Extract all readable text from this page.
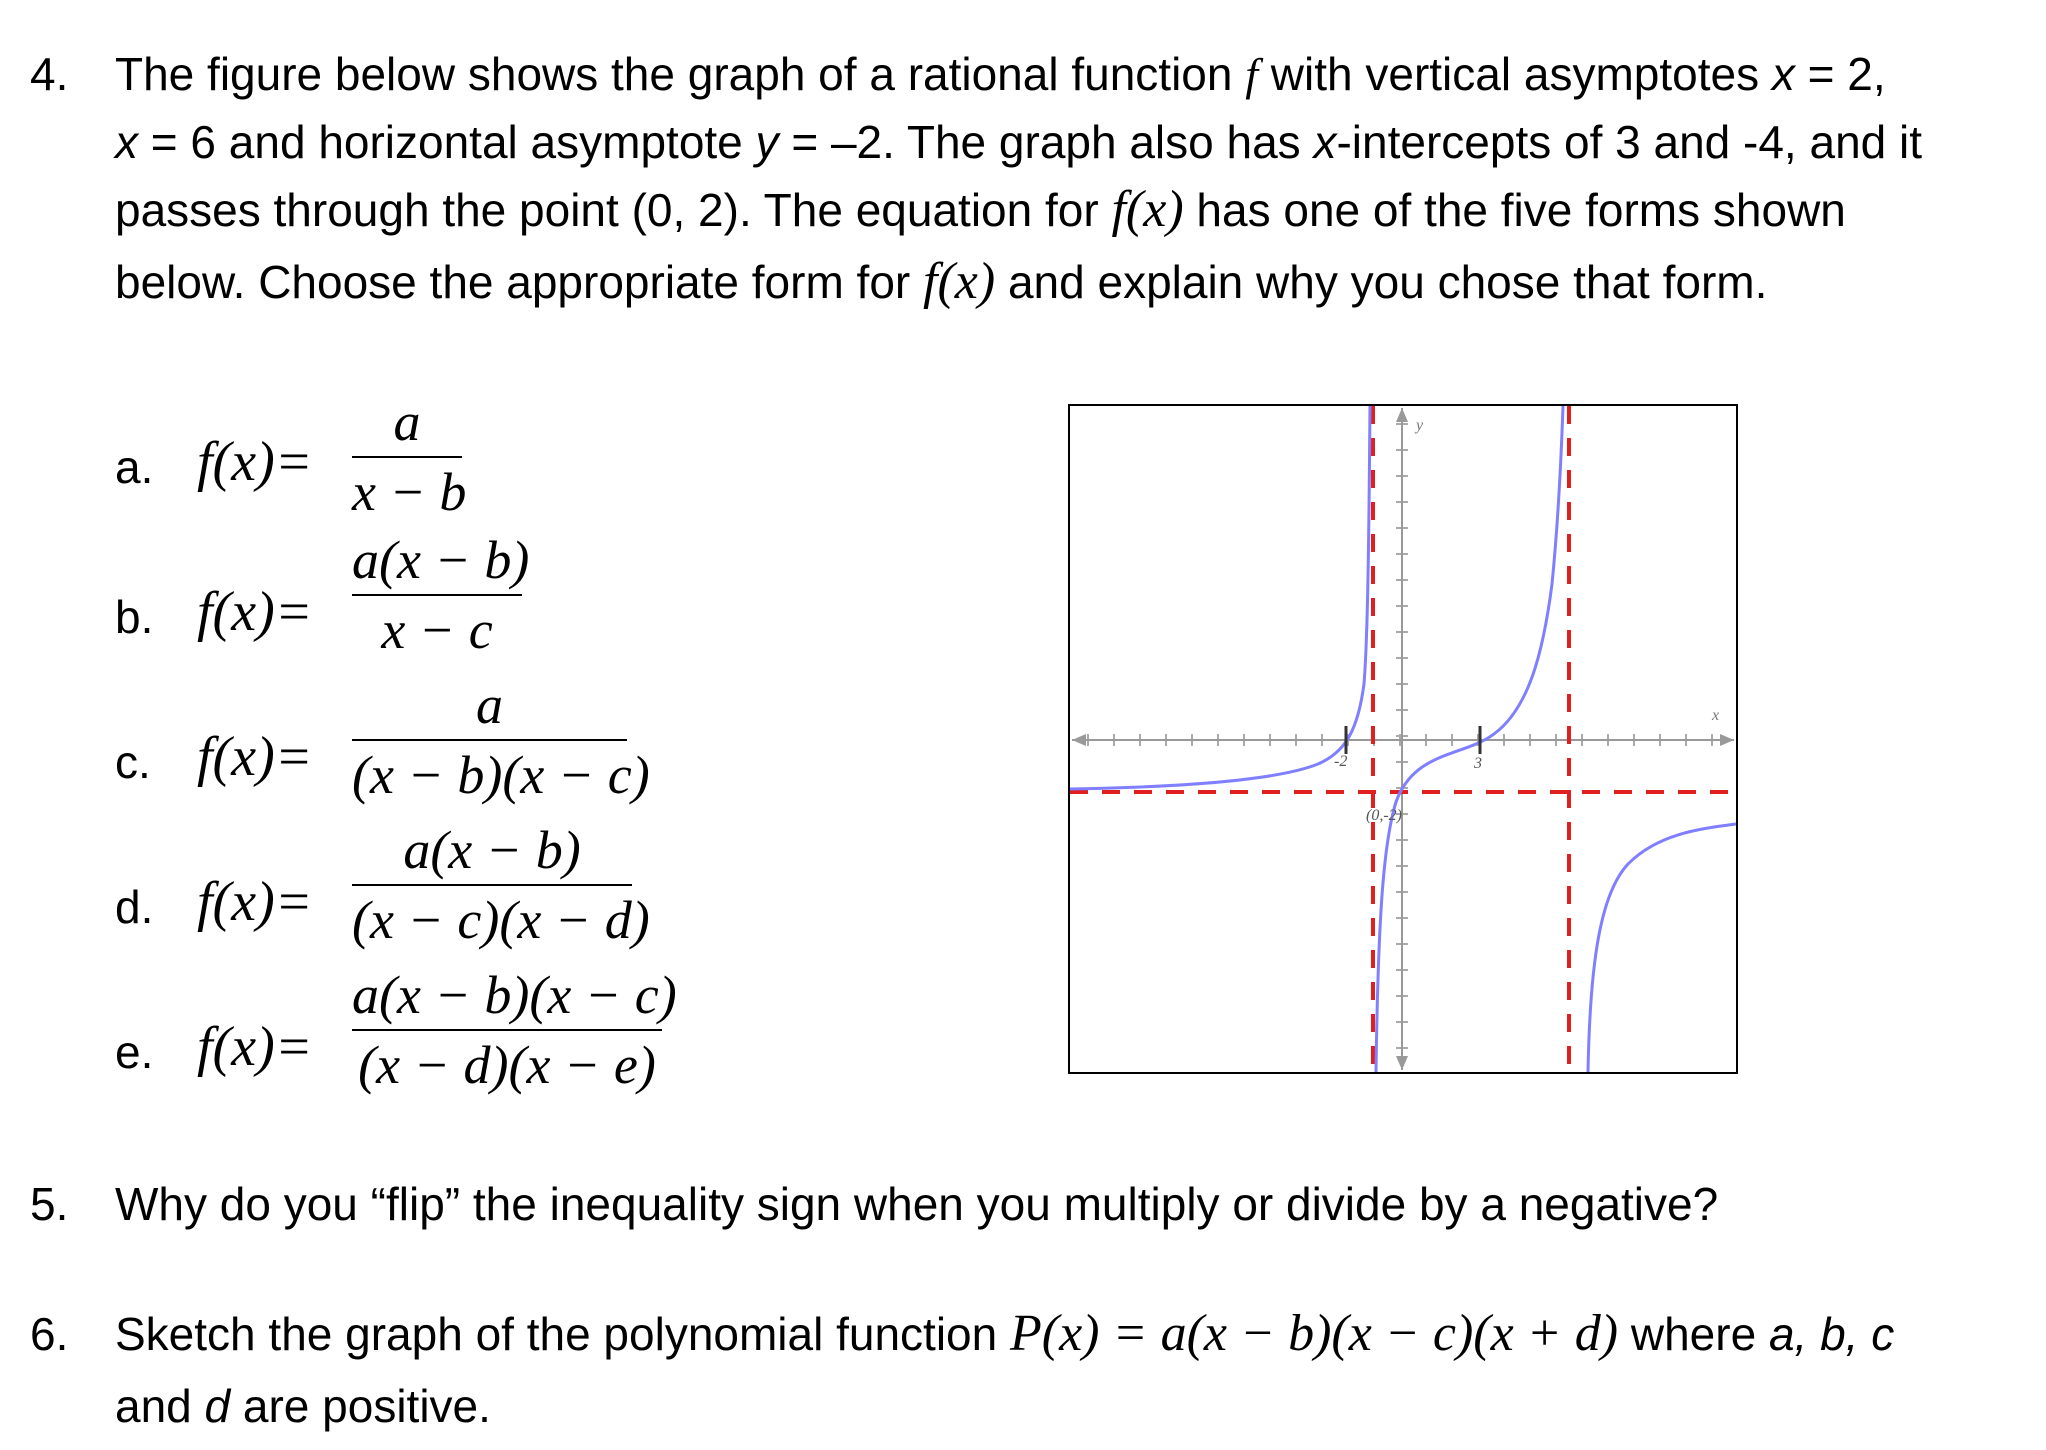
4.	The figure below shows the graph of a rational function f with vertical asymptotes x = 2,
x = 6 and horizontal asymptote y = –2. The graph also has x-intercepts of 3 and -4, and it
passes through the point (0, 2). The equation for f(x) has one of the five forms shown
below. Choose the appropriate form for f(x) and explain why you chose that form.
a. f(x)=
a
x − b
b. f(x)=
a(x − b)
x − c
c. f(x)=
a
(x − b)(x − c)
d. f(x)=
a(x − b)
(x − c)(x − d)
e. f(x)=
a(x − b)(x − c)
(x − d)(x − e)
y
x
-2	3
(0,-2)
5.	Why do you “flip” the inequality sign when you multiply or divide by a negative?
6.	Sketch the graph of the polynomial function P(x) = a(x − b)(x − c)(x + d) where a, b, c
and d are positive.
